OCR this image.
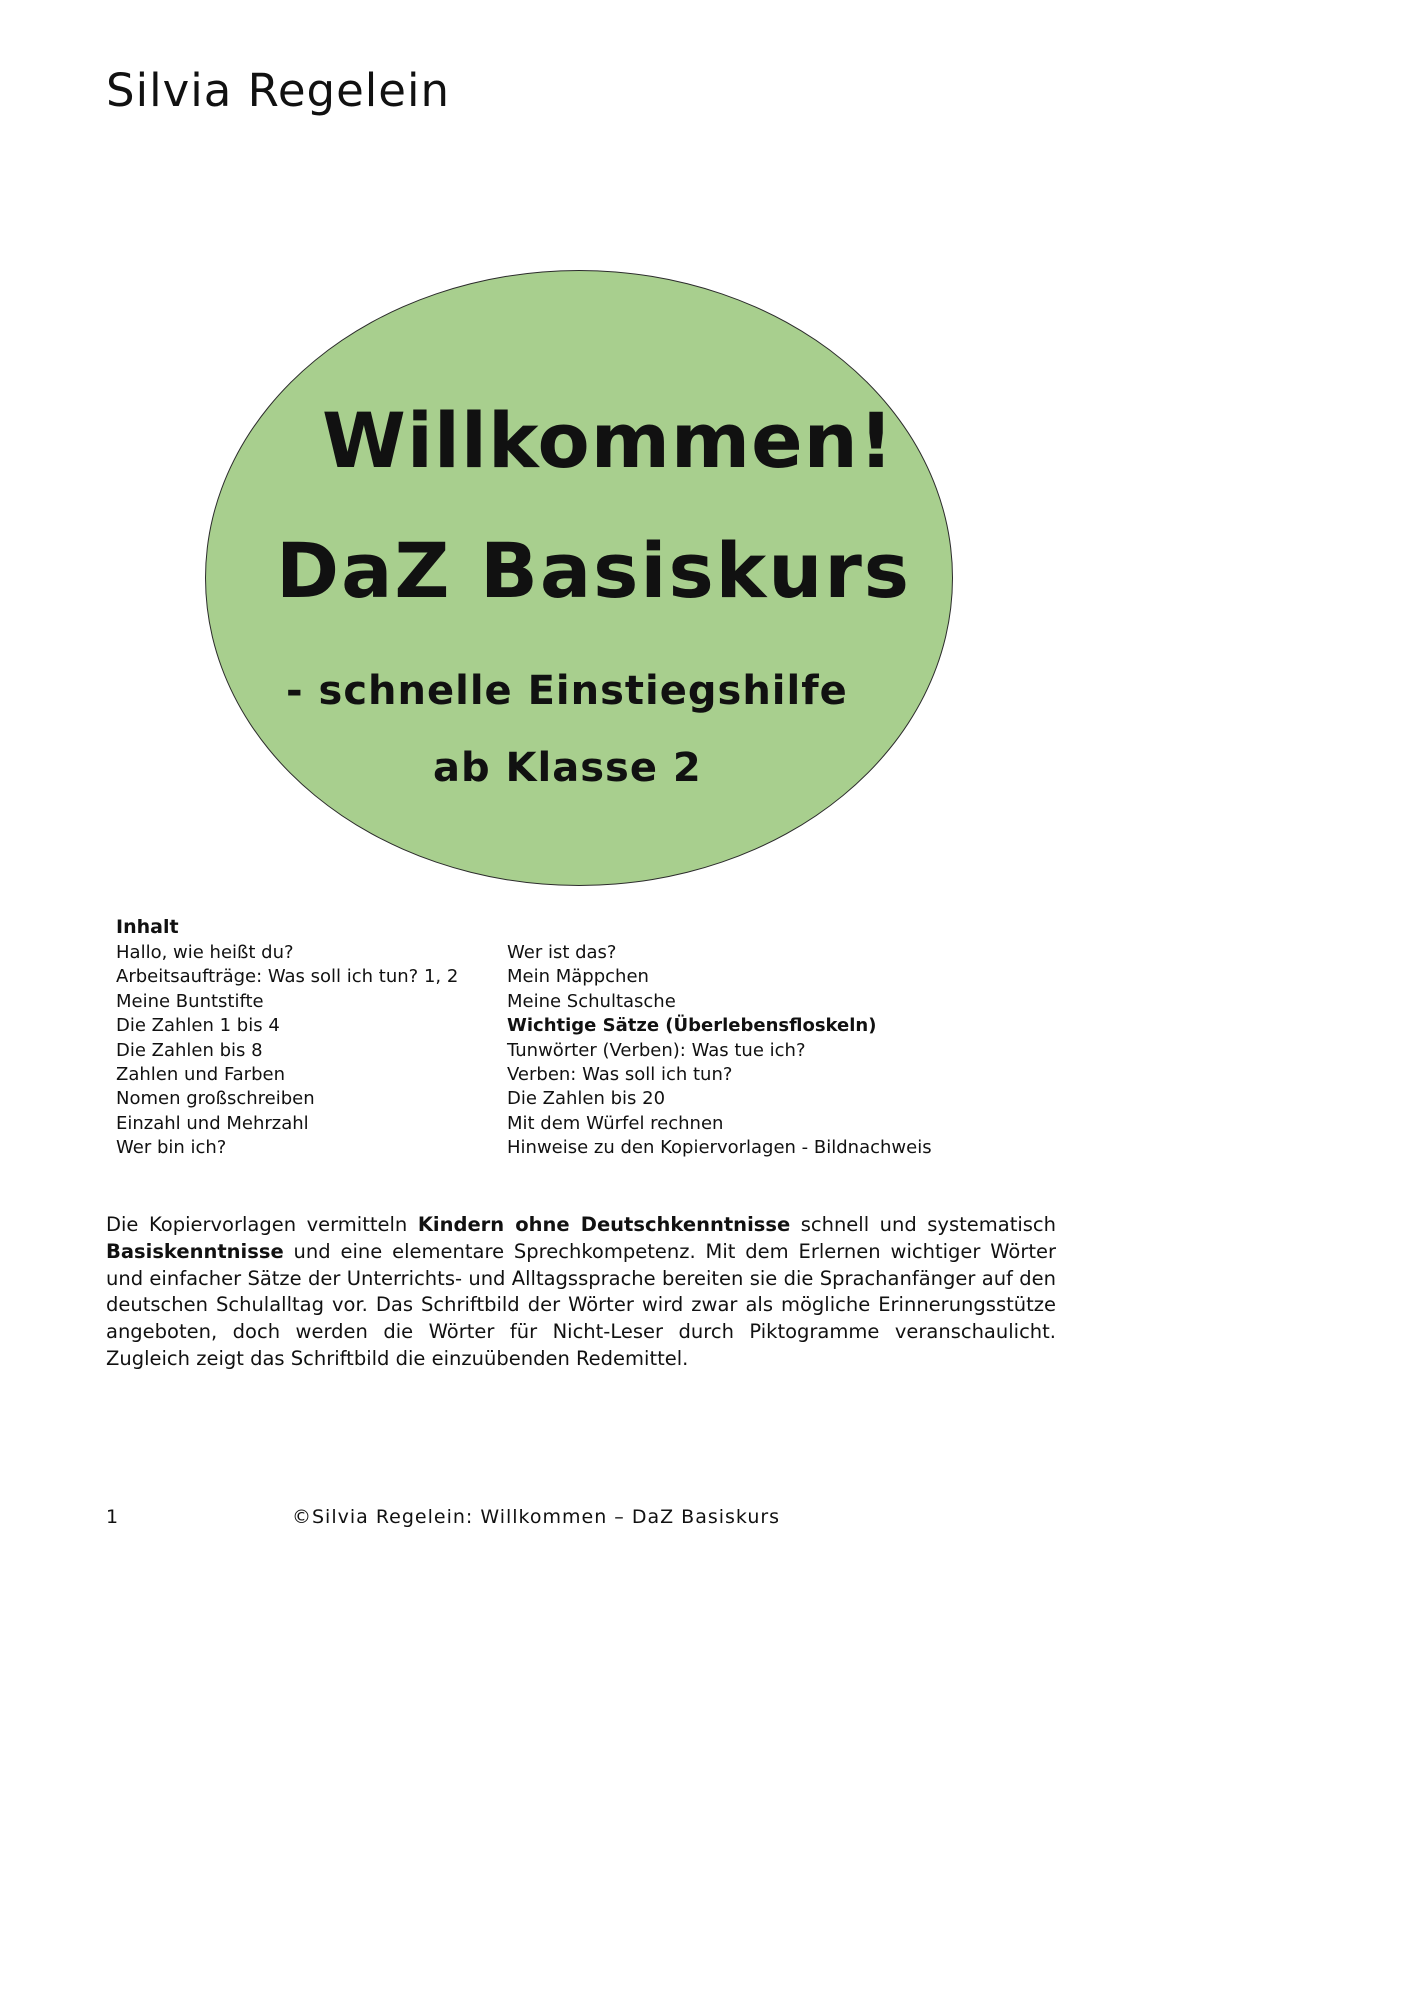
Silvia Regelein
Willkommen!
DaZ Basiskurs
- schnelle Einstiegshilfe
ab Klasse 2
Inhalt
Hallo, wie heißt du?
Arbeitsaufträge: Was soll ich tun? 1, 2
Meine Buntstifte
Die Zahlen 1 bis 4
Die Zahlen bis 8
Zahlen und Farben
Nomen großschreiben
Einzahl und Mehrzahl
Wer bin ich?
Wer ist das?
Mein Mäppchen
Meine Schultasche
Wichtige Sätze (Überlebensfloskeln)
Tunwörter (Verben): Was tue ich?
Verben: Was soll ich tun?
Die Zahlen bis 20
Mit dem Würfel rechnen
Hinweise zu den Kopiervorlagen - Bildnachweis

Die Kopiervorlagen vermitteln Kindern ohne Deutschkenntnisse schnell und systematisch Basiskenntnisse und eine elementare Sprechkompetenz. Mit dem Erlernen wichtiger Wörter und einfacher Sätze der Unterrichts- und Alltagssprache bereiten sie die Sprachanfänger auf den deutschen Schulalltag vor. Das Schriftbild der Wörter wird zwar als mögliche Erinnerungsstütze angeboten, doch werden die Wörter für Nicht-Leser durch Piktogramme veranschaulicht. Zugleich zeigt das Schriftbild die einzuübenden Redemittel.

1	©Silvia Regelein: Willkommen – DaZ Basiskurs
